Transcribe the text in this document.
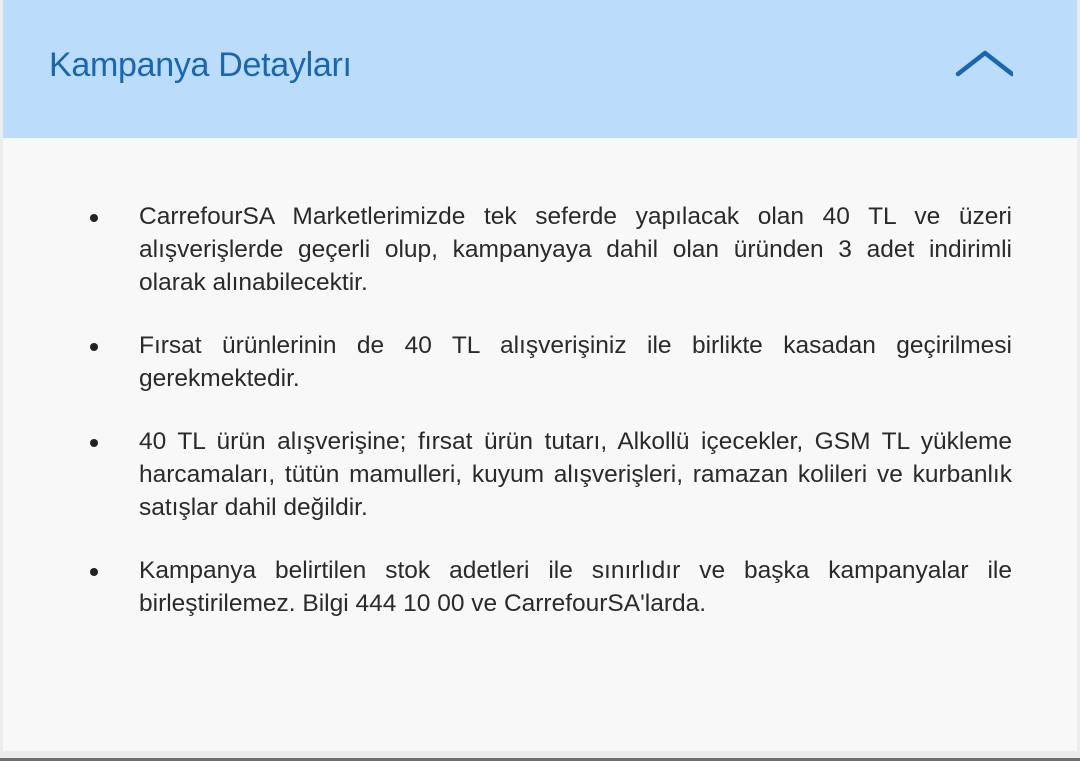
Kampanya Detayları
CarrefourSA Marketlerimizde tek seferde yapılacak olan 40 TL ve üzeri alışverişlerde geçerli olup, kampanyaya dahil olan üründen 3 adet indirimli olarak alınabilecektir.
Fırsat ürünlerinin de 40 TL alışverişiniz ile birlikte kasadan geçirilmesi gerekmektedir.
40 TL ürün alışverişine; fırsat ürün tutarı, Alkollü içecekler, GSM TL yükleme harcamaları, tütün mamulleri, kuyum alışverişleri, ramazan kolileri ve kurbanlık satışlar dahil değildir.
Kampanya belirtilen stok adetleri ile sınırlıdır ve başka kampanyalar ile birleştirilemez. Bilgi 444 10 00 ve CarrefourSA'larda.
